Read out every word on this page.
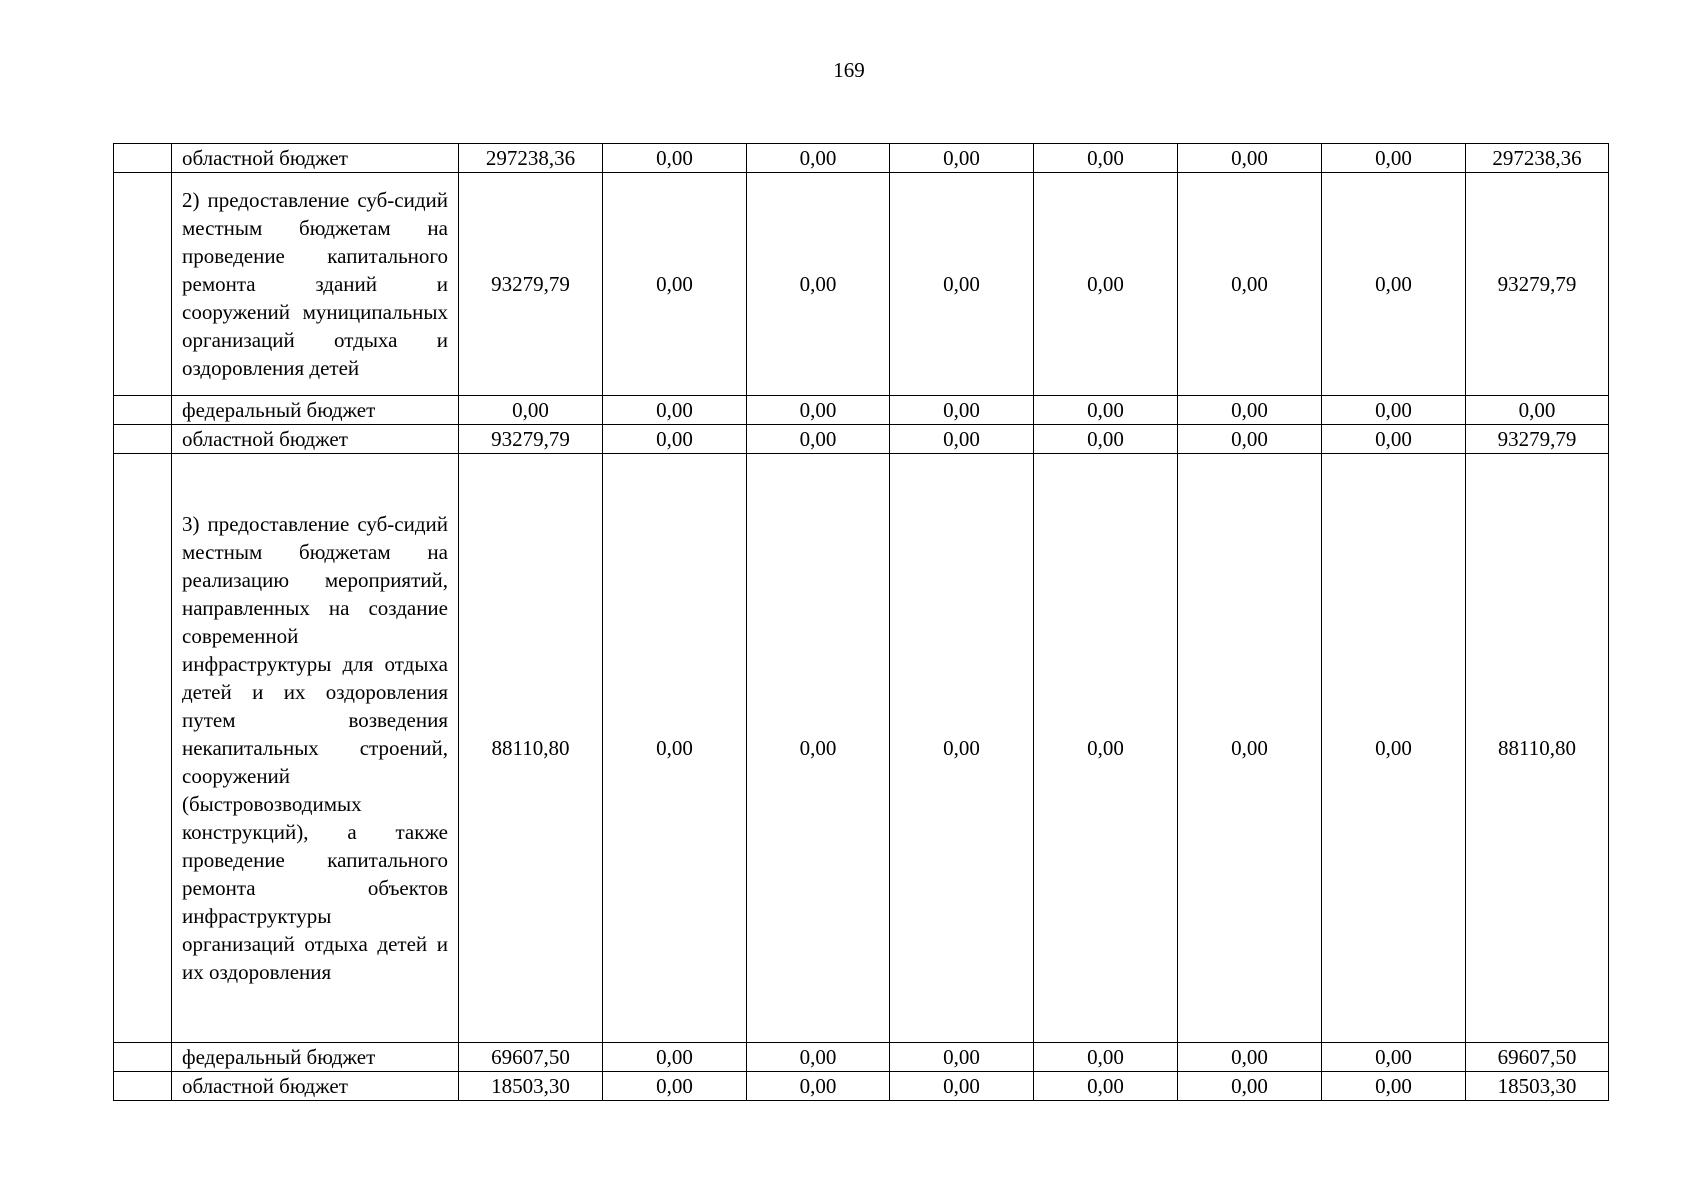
169
	областной бюджет	297238,36	0,00	0,00	0,00	0,00	0,00	0,00	297238,36
	2) предоставление суб-сидий местным бюджетам на проведение капитального ремонта зданий и сооружений муниципальных организаций отдыха и оздоровления детей	93279,79	0,00	0,00	0,00	0,00	0,00	0,00	93279,79
	федеральный бюджет	0,00	0,00	0,00	0,00	0,00	0,00	0,00	0,00
	областной бюджет	93279,79	0,00	0,00	0,00	0,00	0,00	0,00	93279,79
	3) предоставление суб-сидий местным бюджетам на реализацию мероприятий, направленных на создание современной инфраструктуры для отдыха детей и их оздоровления путем возведения некапитальных строений, сооружений (быстровозводимых конструкций), а также проведение капитального ремонта объектов инфраструктуры организаций отдыха детей и их оздоровления	88110,80	0,00	0,00	0,00	0,00	0,00	0,00	88110,80
	федеральный бюджет	69607,50	0,00	0,00	0,00	0,00	0,00	0,00	69607,50
	областной бюджет	18503,30	0,00	0,00	0,00	0,00	0,00	0,00	18503,30
